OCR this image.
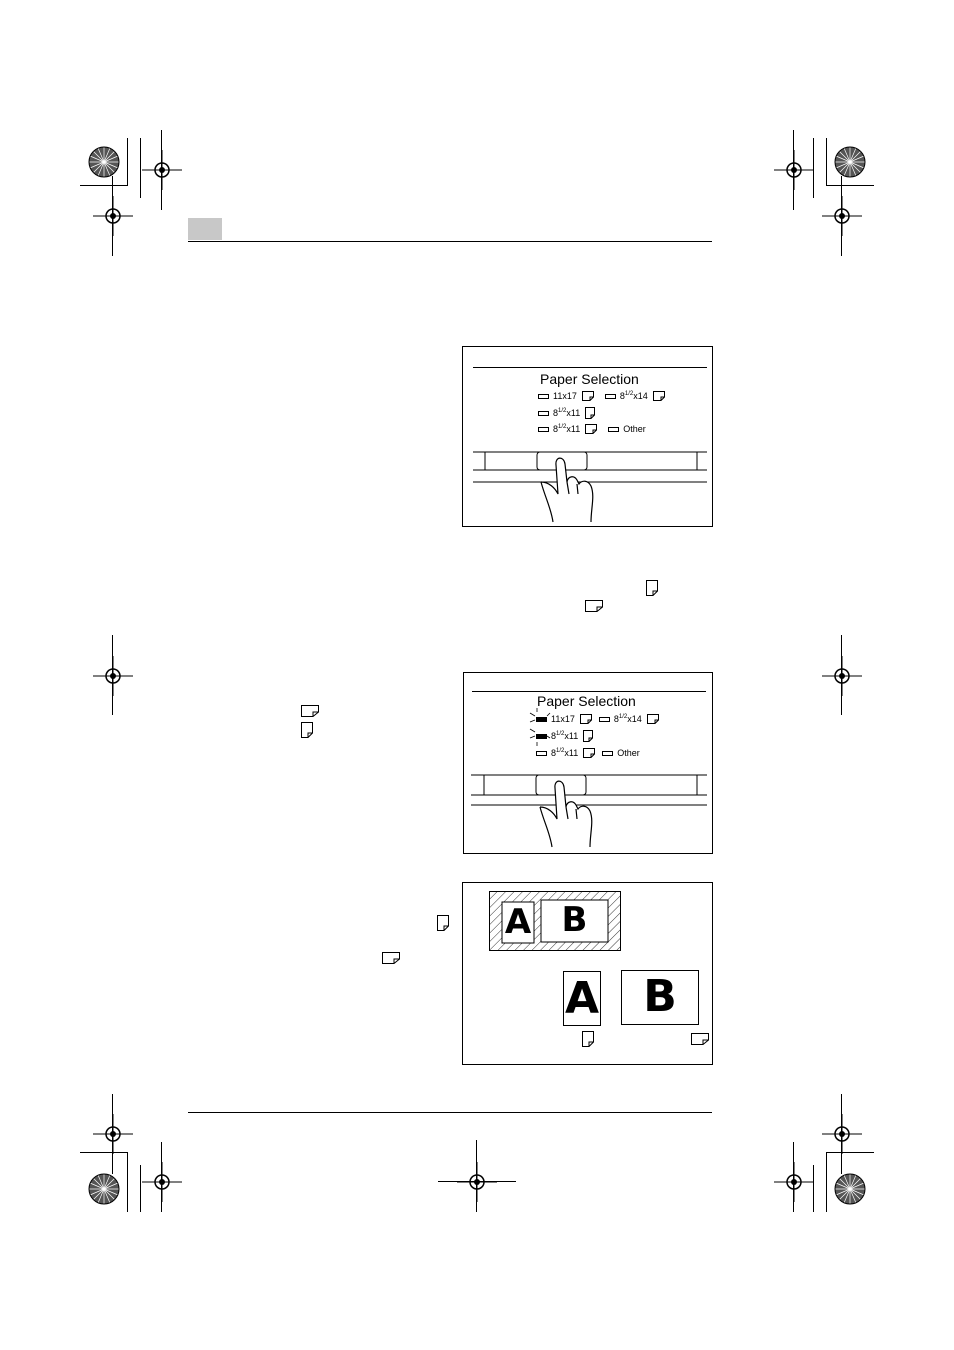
Paper Selection
11x17	$8^{1/2}x14$
$8^{1/2}x11$
$8^{1/2}x11$	Other
Paper Selection
11x17	$8^{1/2}x14$
$8^{1/2}x11$
$8^{1/2}x11$	Other
A B
A	B
